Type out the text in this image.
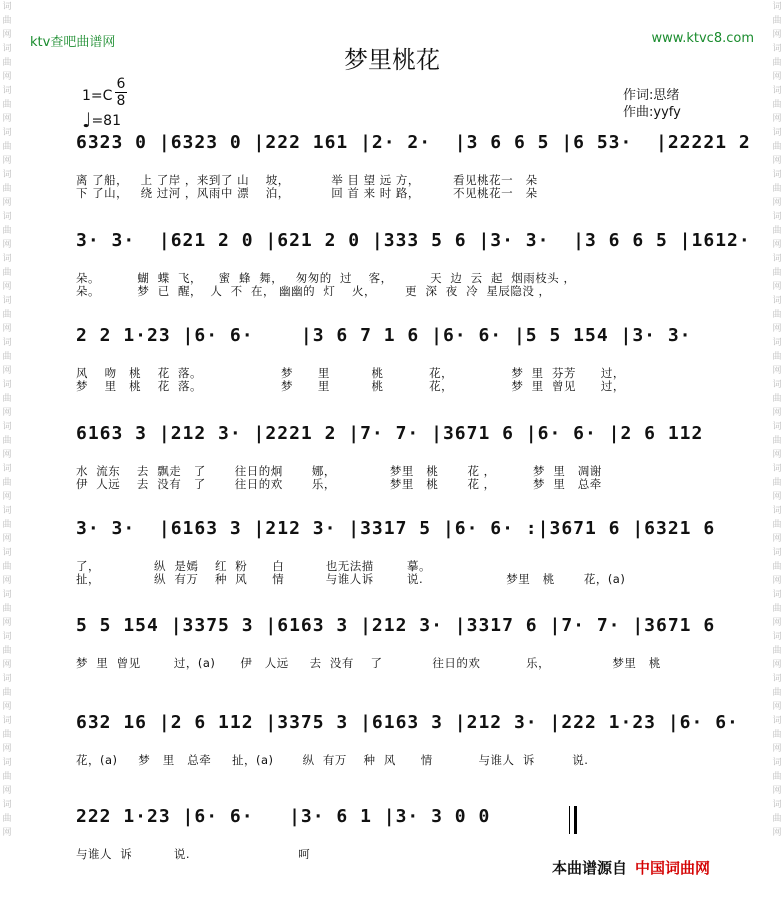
词 曲 网 词 曲 网 词 曲 网 词 曲 网 词 曲 网 词 曲 网 词 曲 网 词 曲 网 词 曲 网 词 曲 网 词 曲 网 词 曲 网 词 曲 网 词 曲 网 词 曲 网 词 曲 网 词 曲 网 词 曲 网 词 曲 网 词 曲 网
词 曲 网 词 曲 网 词 曲 网 词 曲 网 词 曲 网 词 曲 网 词 曲 网 词 曲 网 词 曲 网 词 曲 网 词 曲 网 词 曲 网 词 曲 网 词 曲 网 词 曲 网 词 曲 网 词 曲 网 词 曲 网 词 曲 网 词 曲 网
ktv查吧曲谱网	www.ktvc8.com
梦里桃花
1=C
6
8
♩=81
作词:思绪
作曲:yyfy
6323 0 |6323 0 |222 161 |2· 2·  |3 6 6 5 |6 53·  |22221 2
离 了船，   上 了岸 ，来到了 山    坡，          举 目 望 远 方，        看见桃花一   朵
下 了山，   绕 过河 ，风雨中 漂    泊，          回 首 来 时 路，        不见桃花一   朵
3· 3·  |621 2 0 |621 2 0 |333 5 6 |3· 3·  |3 6 6 5 |1612·
朵。         蝴  蝶  飞，    蜜  蜂  舞，   匆匆的  过    客，         天  边  云  起  烟雨枝头 ，
朵。         梦  已  醒，  人  不  在， 幽幽的  灯    火，       更  深  夜  冷  星辰隐没 ，
2 2 1·23 |6· 6·    |3 6 7 1 6 |6· 6· |5 5 154 |3· 3·
风    吻   桃    花  落。                   梦      里          桃           花，              梦  里  芬芳      过，
梦    里   桃    花  落。                   梦      里          桃           花，              梦  里  曾见      过，
6163 3 |212 3· |2221 2 |7· 7· |3671 6 |6· 6· |2 6 112
水  流东    去  飘走   了       往日的炯       娜，             梦里   桃       花 ，         梦  里   凋谢
伊  人远    去  没有   了       往日的欢       乐，             梦里   桃       花 ，         梦  里   总牵
3· 3·  |6163 3 |212 3· |3317 5 |6· 6· :|3671 6 |6321 6
了，             纵  是嫣    红  粉      白          也无法描        摹。
扯，             纵  有万    种  风      情          与谁人诉        说.                    梦里   桃       花，(a)
5 5 154 |3375 3 |6163 3 |212 3· |3317 6 |7· 7· |3671 6
梦  里  曾见        过，(a)      伊   人远     去  没有    了            往日的欢           乐，               梦里   桃
632 16 |2 6 112 |3375 3 |6163 3 |212 3· |222 1·23 |6· 6·
花，(a)     梦   里   总牵     扯，(a)       纵  有万    种  风      情           与谁人  诉         说.
222 1·23 |6· 6·   |3· 6 1 |3· 3 0 0
与谁人  诉          说.                          呵
本曲谱源自 中国词曲网
